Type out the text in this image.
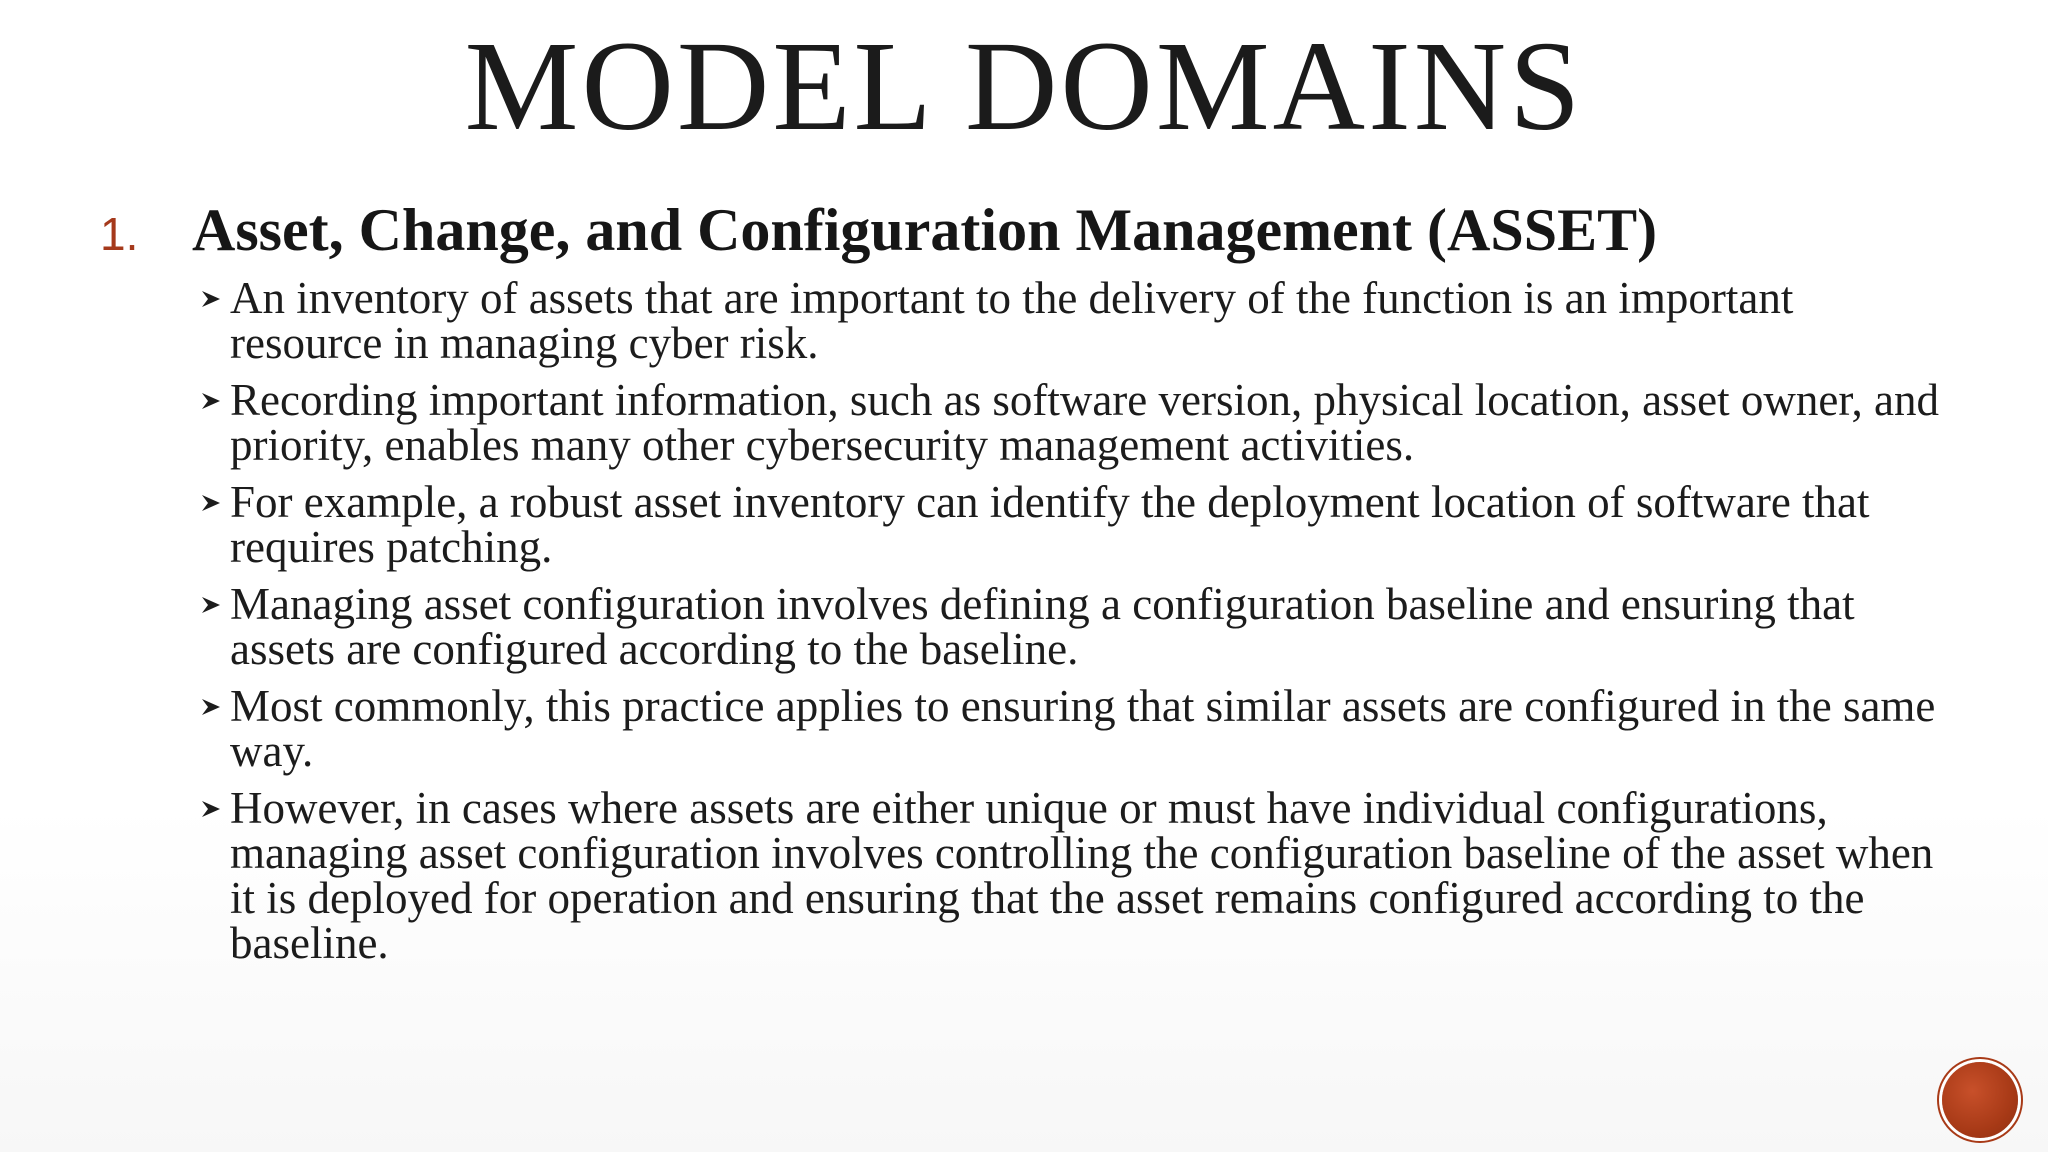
MODEL DOMAINS
1. Asset, Change, and Configuration Management (ASSET)
An inventory of assets that are important to the delivery of the function is an important resource in managing cyber risk.
Recording important information, such as software version, physical location, asset owner, and priority, enables many other cybersecurity management activities.
For example, a robust asset inventory can identify the deployment location of software that requires patching.
Managing asset configuration involves defining a configuration baseline and ensuring that assets are configured according to the baseline.
Most commonly, this practice applies to ensuring that similar assets are configured in the same way.
However, in cases where assets are either unique or must have individual configurations, managing asset configuration involves controlling the configuration baseline of the asset when it is deployed for operation and ensuring that the asset remains configured according to the baseline.
